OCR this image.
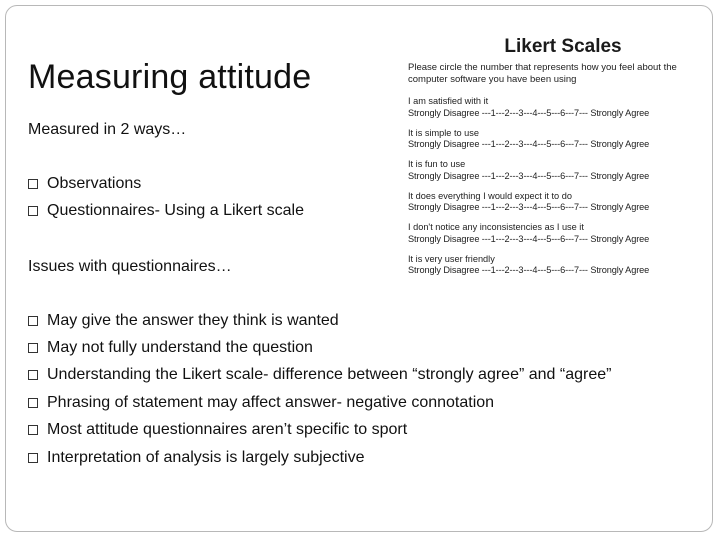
Measuring attitude
Measured in 2 ways…
Observations
Questionnaires- Using a Likert scale
Issues with questionnaires…
May give the answer they think is wanted
May not fully understand the question
Understanding the Likert scale- difference between “strongly agree” and “agree”
Phrasing of statement may affect answer- negative connotation
Most attitude questionnaires aren’t specific to sport
Interpretation of analysis is largely subjective
Likert Scales
Please circle the number that represents how you feel about the computer software you have been using
I am satisfied with it
Strongly Disagree ---1---2---3---4---5---6---7--- Strongly Agree
It is simple to use
Strongly Disagree ---1---2---3---4---5---6---7--- Strongly Agree
It is fun to use
Strongly Disagree ---1---2---3---4---5---6---7--- Strongly Agree
It does everything I would expect it to do
Strongly Disagree ---1---2---3---4---5---6---7--- Strongly Agree
I don't notice any inconsistencies as I use it
Strongly Disagree ---1---2---3---4---5---6---7--- Strongly Agree
It is very user friendly
Strongly Disagree ---1---2---3---4---5---6---7--- Strongly Agree
